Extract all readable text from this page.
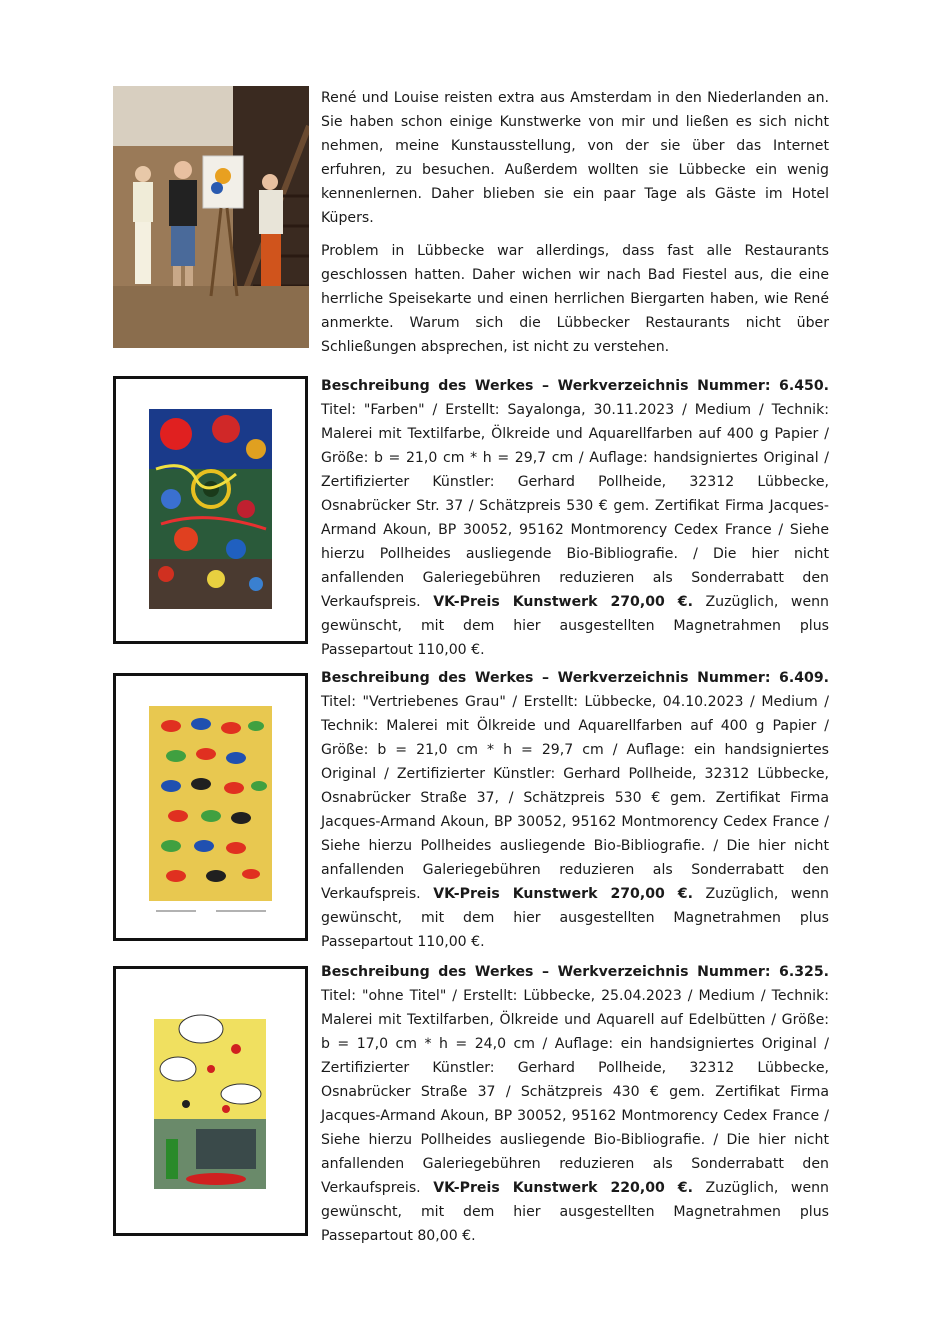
René und Louise reisten extra aus Amsterdam in den Niederlanden an. Sie haben schon einige Kunstwerke von mir und ließen es sich nicht nehmen, meine Kunstausstellung, von der sie über das Internet erfuhren, zu besuchen. Außerdem wollten sie Lübbecke ein wenig kennenlernen. Daher blieben sie ein paar Tage als Gäste im Hotel Küpers.

Problem in Lübbecke war allerdings, dass fast alle Restaurants geschlossen hatten. Daher wichen wir nach Bad Fiestel aus, die eine herrliche Speisekarte und einen herrlichen Biergarten haben, wie René anmerkte. Warum sich die Lübbecker Restaurants nicht über Schließungen absprechen, ist nicht zu verstehen.

Beschreibung des Werkes – Werkverzeichnis Nummer: 6.450. Titel: "Farben" / Erstellt: Sayalonga, 30.11.2023 / Medium / Technik: Malerei mit Textilfarbe, Ölkreide und Aquarellfarben auf 400 g Papier / Größe: b = 21,0 cm * h = 29,7 cm / Auflage: handsigniertes Original / Zertifizierter Künstler: Gerhard Pollheide, 32312 Lübbecke, Osnabrücker Str. 37 / Schätzpreis 530 € gem. Zertifikat Firma Jacques-Armand Akoun, BP 30052, 95162 Montmorency Cedex France / Siehe hierzu Pollheides ausliegende Bio-Bibliografie. / Die hier nicht anfallenden Galeriegebühren reduzieren als Sonderrabatt den Verkaufspreis. VK-Preis Kunstwerk 270,00 €. Zuzüglich, wenn gewünscht, mit dem hier ausgestellten Magnetrahmen plus Passepartout 110,00 €.

Beschreibung des Werkes – Werkverzeichnis Nummer: 6.409. Titel: "Vertriebenes Grau" / Erstellt: Lübbecke, 04.10.2023 / Medium / Technik: Malerei mit Ölkreide und Aquarellfarben auf 400 g Papier / Größe: b = 21,0 cm * h = 29,7 cm / Auflage: ein handsigniertes Original / Zertifizierter Künstler: Gerhard Pollheide, 32312 Lübbecke, Osnabrücker Straße 37, / Schätzpreis 530 € gem. Zertifikat Firma Jacques-Armand Akoun, BP 30052, 95162 Montmorency Cedex France / Siehe hierzu Pollheides ausliegende Bio-Bibliografie. / Die hier nicht anfallenden Galeriegebühren reduzieren als Sonderrabatt den Verkaufspreis. VK-Preis Kunstwerk 270,00 €. Zuzüglich, wenn gewünscht, mit dem hier ausgestellten Magnetrahmen plus Passepartout 110,00 €.

Beschreibung des Werkes – Werkverzeichnis Nummer: 6.325. Titel: "ohne Titel" / Erstellt: Lübbecke, 25.04.2023 / Medium / Technik: Malerei mit Textilfarben, Ölkreide und Aquarell auf Edelbütten / Größe: b = 17,0 cm * h = 24,0 cm / Auflage: ein handsigniertes Original / Zertifizierter Künstler: Gerhard Pollheide, 32312 Lübbecke, Osnabrücker Straße 37 / Schätzpreis 430 € gem. Zertifikat Firma Jacques-Armand Akoun, BP 30052, 95162 Montmorency Cedex France / Siehe hierzu Pollheides ausliegende Bio-Bibliografie. / Die hier nicht anfallenden Galeriegebühren reduzieren als Sonderrabatt den Verkaufspreis. VK-Preis Kunstwerk 220,00 €. Zuzüglich, wenn gewünscht, mit dem hier ausgestellten Magnetrahmen plus Passepartout 80,00 €.
